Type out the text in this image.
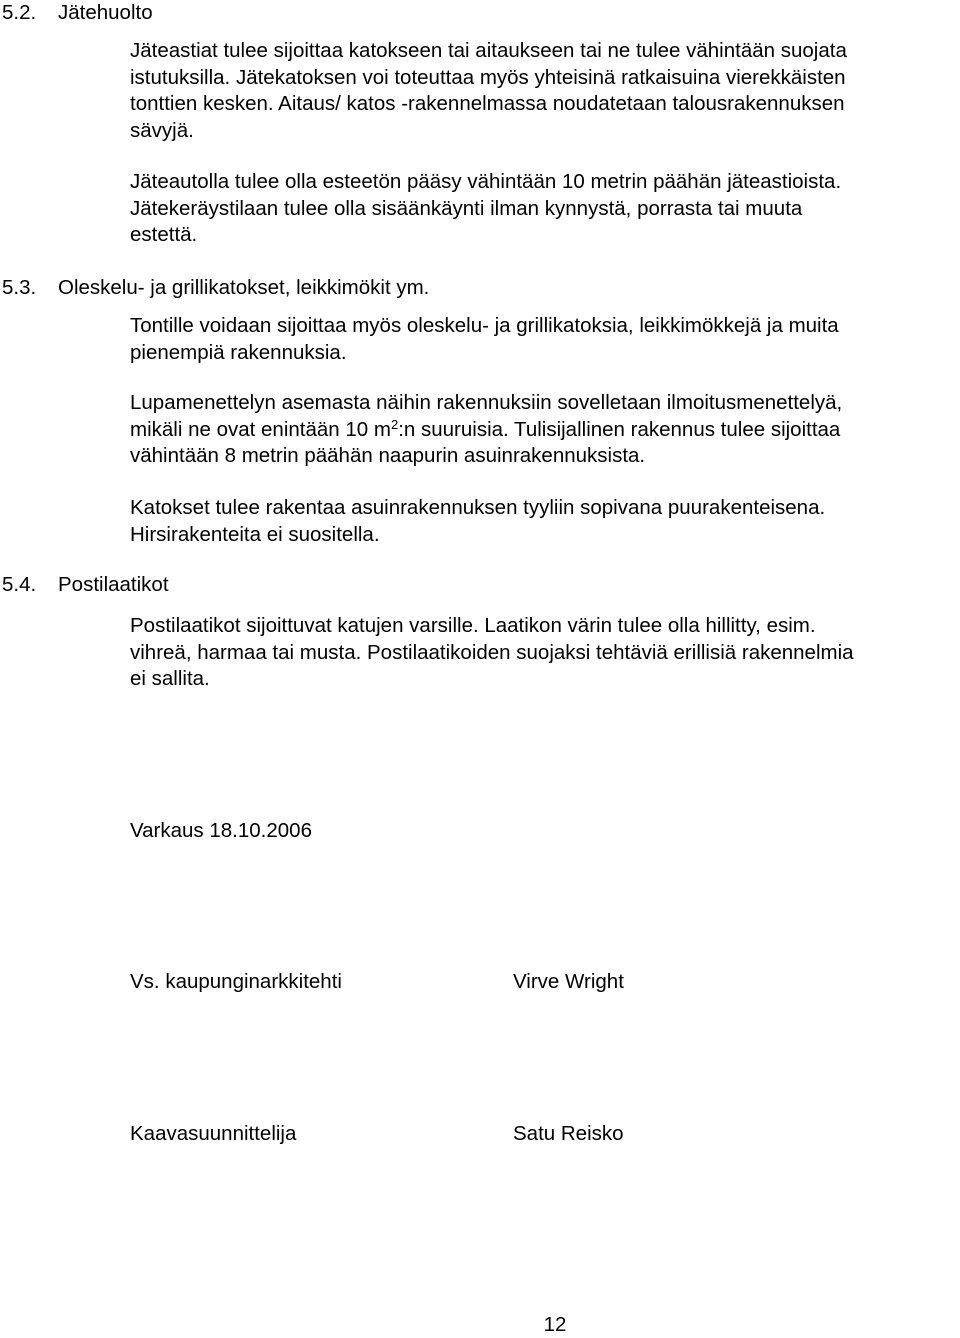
5.2. Jätehuolto

Jäteastiat tulee sijoittaa katokseen tai aitaukseen tai ne tulee vähintään suojata
istutuksilla. Jätekatoksen voi toteuttaa myös yhteisinä ratkaisuina vierekkäisten
tonttien kesken. Aitaus/ katos -rakennelmassa noudatetaan talousrakennuksen
sävyjä.

Jäteautolla tulee olla esteetön pääsy vähintään 10 metrin päähän jäteastioista.
Jätekeräystilaan tulee olla sisäänkäynti ilman kynnystä, porrasta tai muuta
estettä.

5.3. Oleskelu- ja grillikatokset, leikkimökit ym.

Tontille voidaan sijoittaa myös oleskelu- ja grillikatoksia, leikkimökkejä ja muita
pienempiä rakennuksia.

Lupamenettelyn asemasta näihin rakennuksiin sovelletaan ilmoitusmenettelyä,
mikäli ne ovat enintään 10 $m^2:n$ suuruisia. Tulisijallinen rakennus tulee sijoittaa
vähintään 8 metrin päähän naapurin asuinrakennuksista.

Katokset tulee rakentaa asuinrakennuksen tyyliin sopivana puurakenteisena.
Hirsirakenteita ei suositella.

5.4. Postilaatikot

Postilaatikot sijoittuvat katujen varsille. Laatikon värin tulee olla hillitty, esim.
vihreä, harmaa tai musta. Postilaatikoiden suojaksi tehtäviä erillisiä rakennelmia
ei sallita.

Varkaus 18.10.2006

Vs. kaupunginarkkitehti	Virve Wright

Kaavasuunnittelija	Satu Reisko

12
